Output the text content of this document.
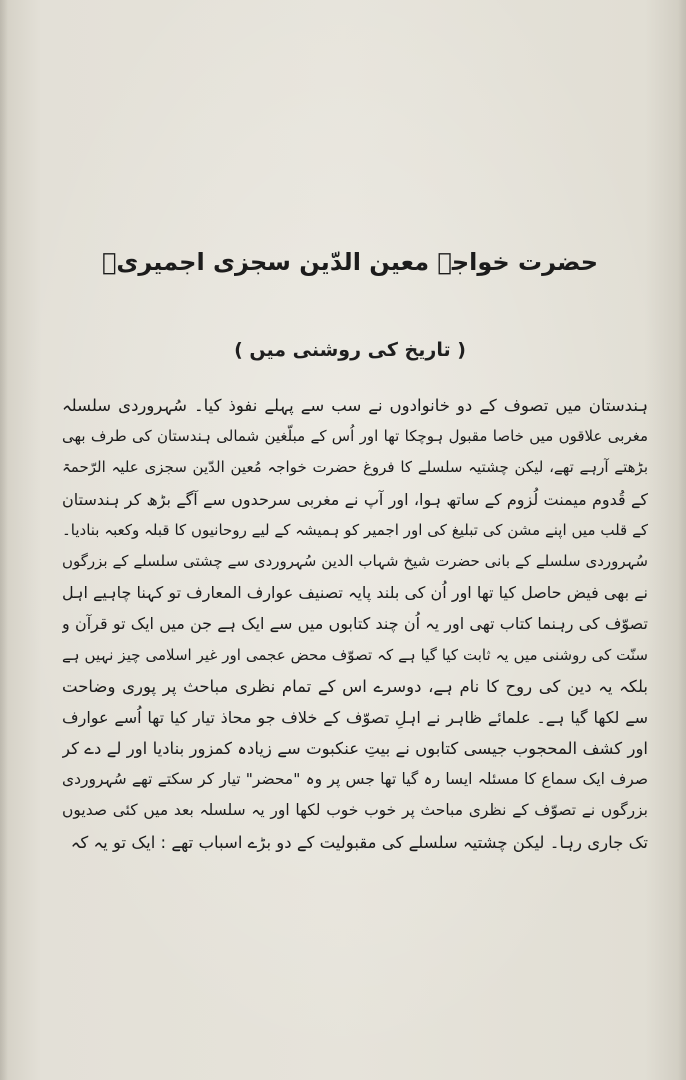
حضرت خواجہ معین الدّین سجزی اجمیریؒ
( تاریخ کی روشنی میں )
ہندستان میں تصوف کے دو خانوادوں نے سب سے پہلے نفوذ کیا۔ سُہروردی سلسلہ
مغربی علاقوں میں خاصا مقبول ہوچکا تھا اور اُس کے مبلّغین شمالی ہندستان کی طرف بھی
بڑھتے آرہے تھے، لیکن چشتیہ سلسلے کا فروغ حضرت خواجہ مُعین الدّین سجزی علیہ الرّحمۃ
کے قُدوم میمنت لُزوم کے ساتھ ہوا، اور آپ نے مغربی سرحدوں سے آگے بڑھ کر ہندستان
کے قلب میں اپنے مشن کی تبلیغ کی اور اجمیر کو ہمیشہ کے لیے روحانیوں کا قبلہ وکعبہ بنادیا۔
سُہروردی سلسلے کے بانی حضرت شیخ شہاب الدین سُہروردی سے چشتی سلسلے کے بزرگوں
نے بھی فیض حاصل کیا تھا اور اُن کی بلند پایہ تصنیف عوارف المعارف تو کہنا چاہیے اہل
تصوّف کی رہنما کتاب تھی اور یہ اُن چند کتابوں میں سے ایک ہے جن میں ایک تو قرآن و
سنّت کی روشنی میں یہ ثابت کیا گیا ہے کہ تصوّف محض عجمی اور غیر اسلامی چیز نہیں ہے
بلکہ یہ دین کی روح کا نام ہے، دوسرے اس کے تمام نظری مباحث پر پوری وضاحت
سے لکھا گیا ہے۔ علمائے ظاہر نے اہلِ تصوّف کے خلاف جو محاذ تیار کیا تھا اُسے عوارف
اور کشف المحجوب جیسی کتابوں نے بیتِ عنکبوت سے زیادہ کمزور بنادیا اور لے دے کر
صرف ایک سماع کا مسئلہ ایسا رہ گیا تھا جس پر وہ "محضر" تیار کر سکتے تھے سُہروردی
بزرگوں نے تصوّف کے نظری مباحث پر خوب خوب لکھا اور یہ سلسلہ بعد میں کئی صدیوں
تک جاری رہا۔ لیکن چشتیہ سلسلے کی مقبولیت کے دو بڑے اسباب تھے : ایک تو یہ کہ
